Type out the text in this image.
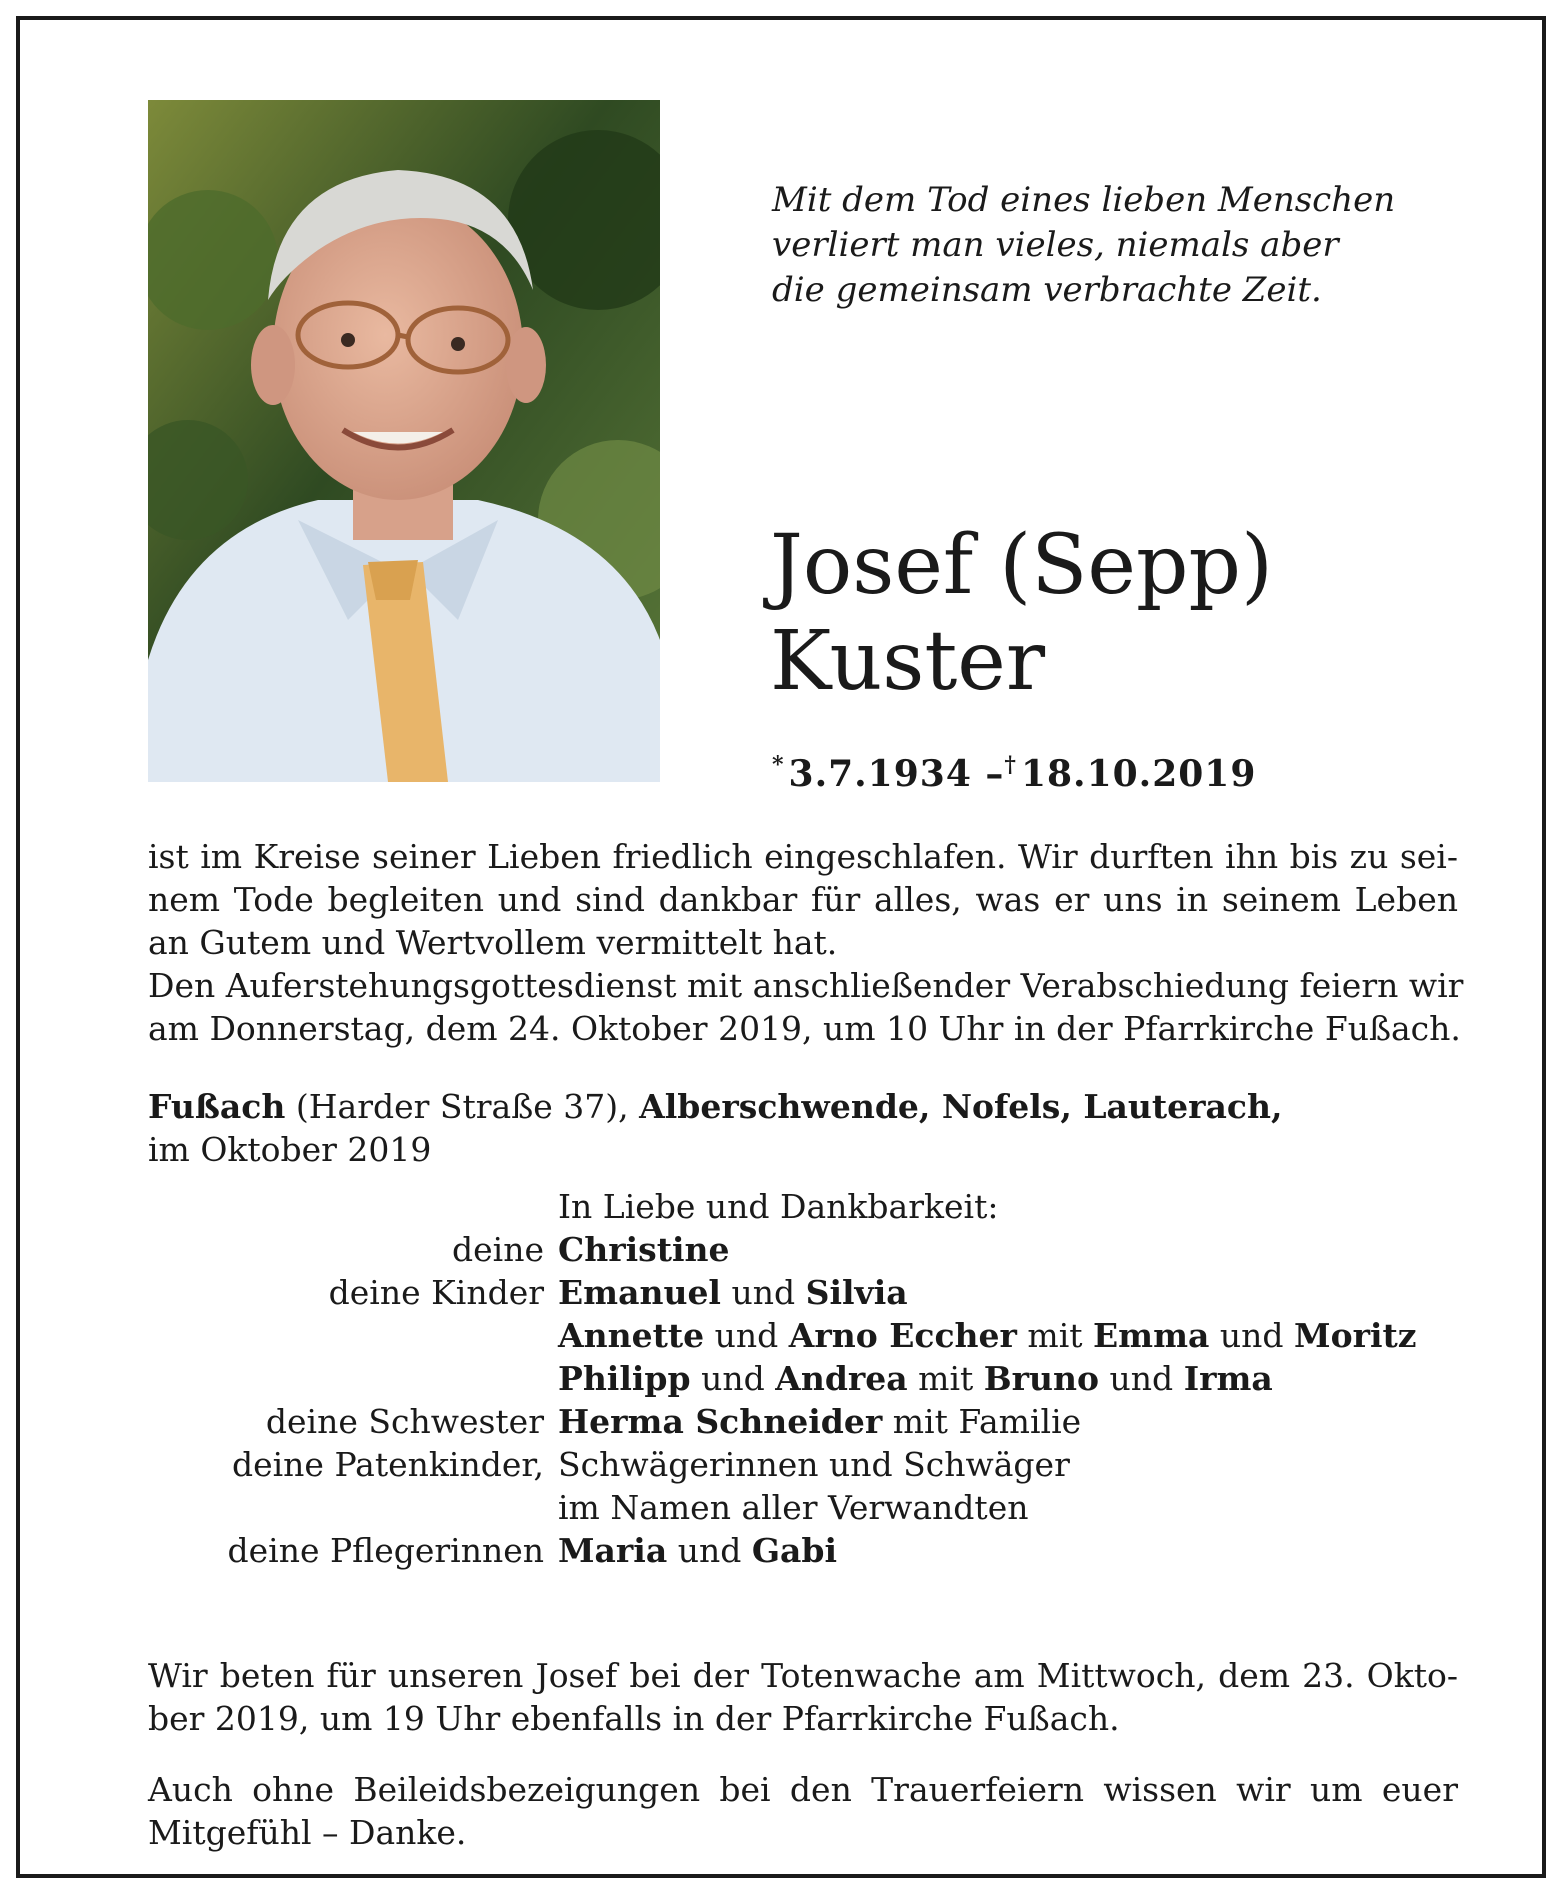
Mit dem Tod eines lieben Menschen
verliert man vieles, niemals aber
die gemeinsam verbrachte Zeit.
Josef (Sepp)
Kuster
* 3.7.1934 –† 18.10.2019
ist im Kreise seiner Lieben friedlich eingeschlafen. Wir durften ihn bis zu sei-
nem Tode begleiten und sind dankbar für alles, was er uns in seinem Leben
an Gutem und Wertvollem vermittelt hat.
Den Auferstehungsgottesdienst mit anschließender Verabschiedung feiern wir
am Donnerstag, dem 24. Oktober 2019, um 10 Uhr in der Pfarrkirche Fußach.
Fußach (Harder Straße 37), Alberschwende, Nofels, Lauterach,
im Oktober 2019
In Liebe und Dankbarkeit:
deine Christine
deine Kinder Emanuel und Silvia
Annette und Arno Eccher mit Emma und Moritz
Philipp und Andrea mit Bruno und Irma
deine Schwester Herma Schneider mit Familie
deine Patenkinder, Schwägerinnen und Schwäger
im Namen aller Verwandten
deine Pflegerinnen Maria und Gabi
Wir beten für unseren Josef bei der Totenwache am Mittwoch, dem 23. Okto-
ber 2019, um 19 Uhr ebenfalls in der Pfarrkirche Fußach.
Auch ohne Beileidsbezeigungen bei den Trauerfeiern wissen wir um euer
Mitgefühl – Danke.
